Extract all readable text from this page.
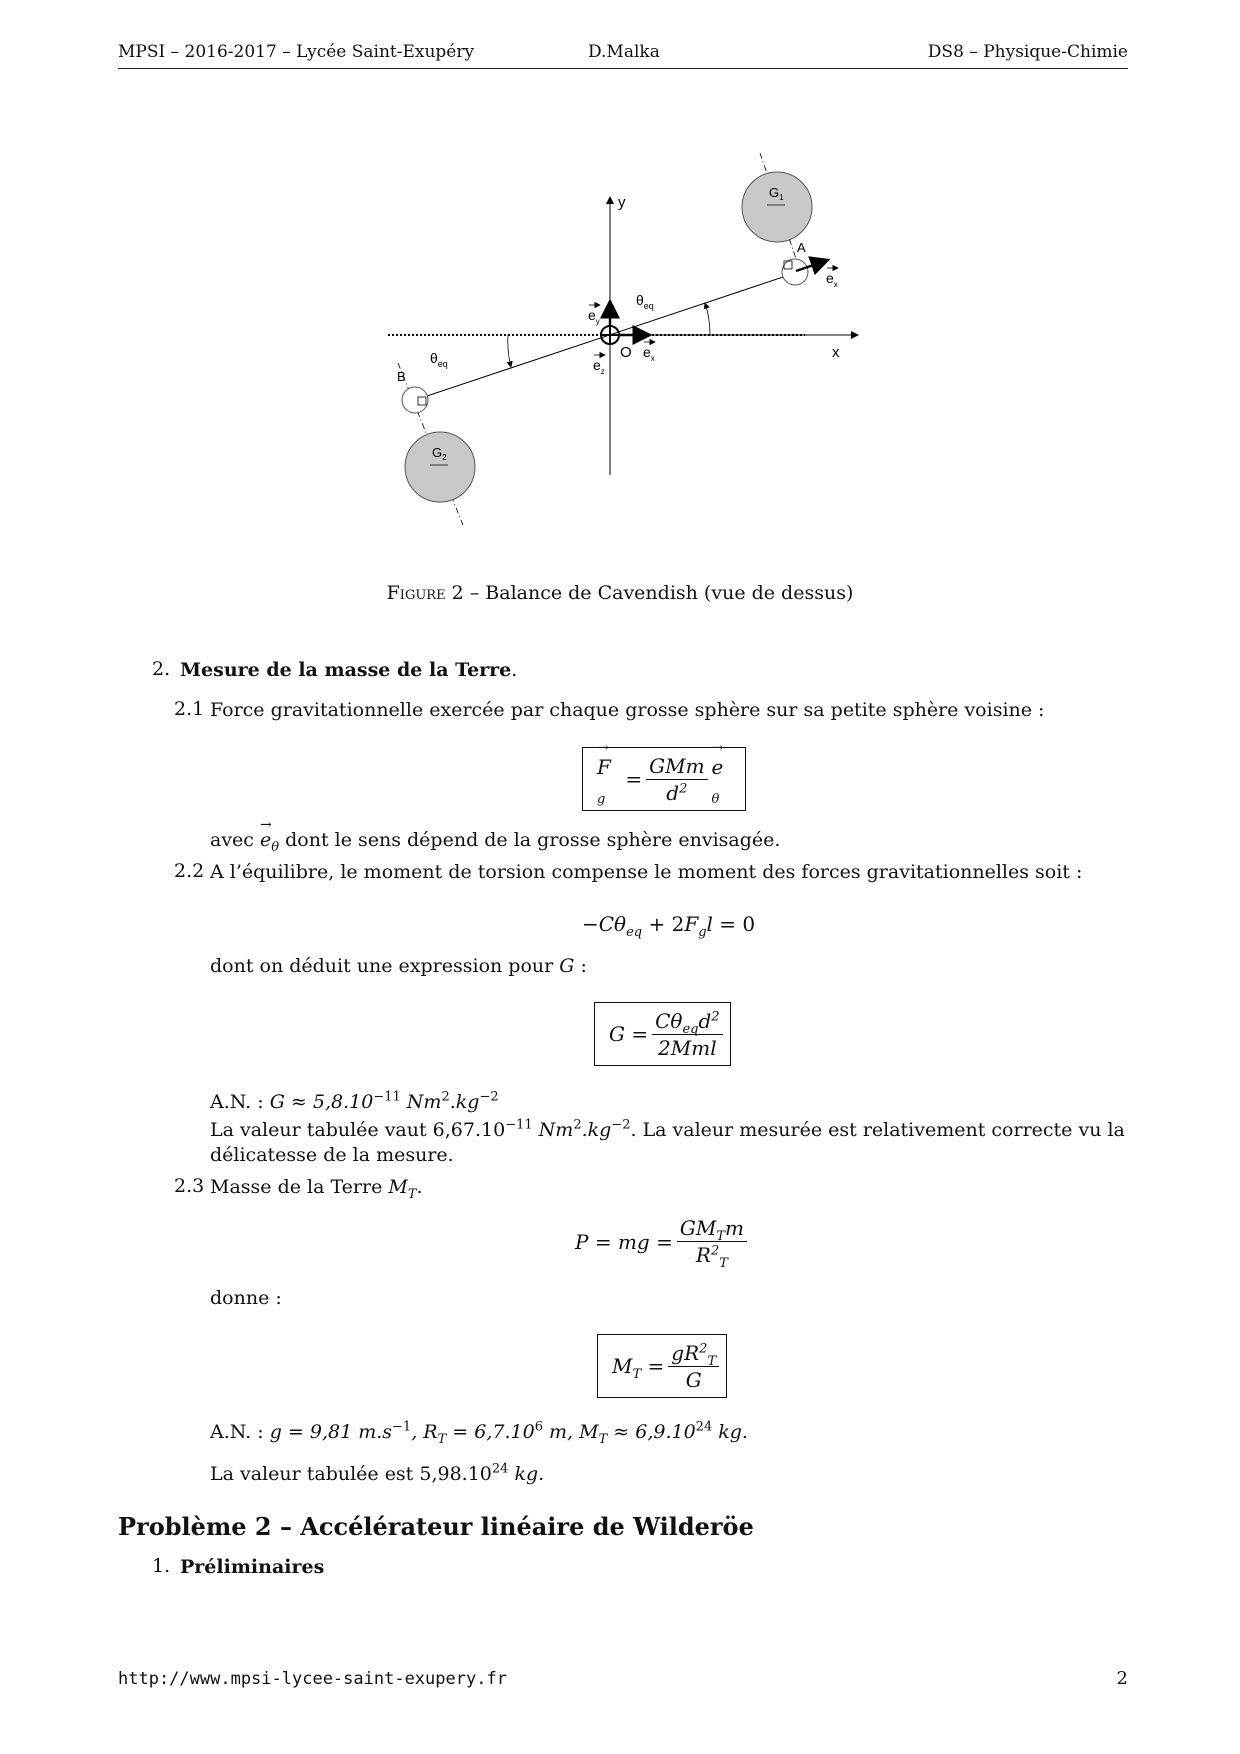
MPSI – 2016-2017 – Lycée Saint-Exupéry	D.Malka	DS8 – Physique-Chimie
y
x
O
A
B
$G_1$
$G_2$
$\theta_{eq}$
$\theta_{eq}$
$e_y$
$e_z$
$e_x$
$e_x$
Figure 2 – Balance de Cavendish (vue de dessus)
2. Mesure de la masse de la Terre.
2.1 Force gravitationnelle exercée par chaque grosse sphère sur sa petite sphère voisine :
→ $F_g$
= $\frac{\text{GMm}}{d^2}$
→ $e_\theta$
avec → $e_\theta$ dont le sens dépend de la grosse sphère envisagée.
2.2 A l’équilibre, le moment de torsion compense le moment des forces gravitationnelles soit :
$-C\theta_{eq} + 2$ $F_gl = 0$
dont on déduit une expression pour G :
$G = \frac{C\theta_{eq}d^2}{\text{2Mml}}$
A.N. : $G \approx 5,8.10^{-11}$ $Nm^2.kg^{-2}$
La valeur tabulée vaut $6,67.10^{-11}$ $Nm^2.kg^{-2}$. La valeur mesurée est relativement correcte vu la
délicatesse de la mesure.
2.3 Masse de la Terre $M_T$.
P = mg = $\frac{GM_Tm}{R^2_T}$
donne :
$M_T = \frac{gR^2_T}{G}$
A.N. : g = 9,81 $m.s^{-1}$, $R_T = 6,7.10^6$ m, $M_T \approx 6,9.10^{24}$ kg.
La valeur tabulée est 5,98.10$^{24}$ kg.
Problème 2 – Accélérateur linéaire de Wilderöe
1. Préliminaires
http://www.mpsi-lycee-saint-exupery.fr	2
